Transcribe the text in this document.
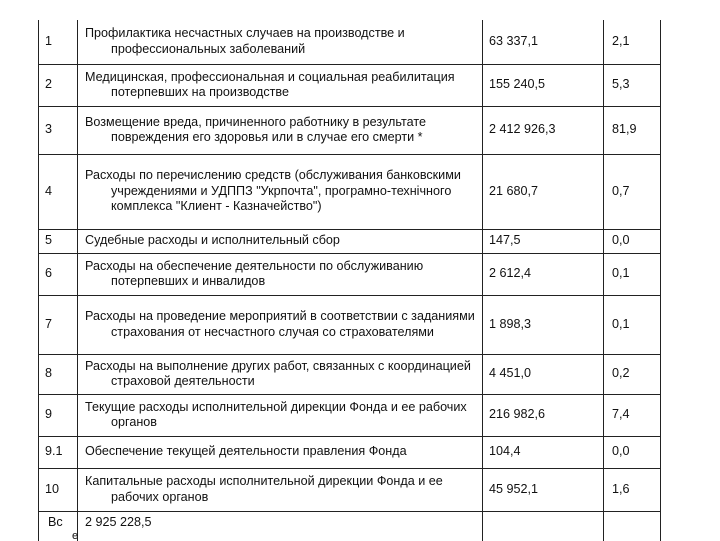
1	Профилактика несчастных случаев на производстве и профессиональных заболеваний	63 337,1	2,1
2	Медицинская, профессиональная и социальная реабилитация потерпевших на производстве	155 240,5	5,3
3	Возмещение вреда, причиненного работнику в результате повреждения его здоровья или в случае его смерти *	2 412 926,3	81,9
4	Расходы по перечислению средств (обслуживания банковскими учреждениями и УДППЗ "Укрпочта", програмно-технічного комплекса "Клиент - Казначейство")	21 680,7	0,7
5	Судебные расходы и исполнительный сбор	147,5	0,0
6	Расходы на обеспечение деятельности по обслуживанию потерпевших и инвалидов	2 612,4	0,1
7	Расходы на проведение мероприятий в соответствии с заданиями страхования от несчастного случая со страхователями	1 898,3	0,1
8	Расходы на выполнение других работ, связанных с координацией страховой деятельности	4 451,0	0,2
9	Текущие расходы исполнительной дирекции Фонда и ее рабочих органов	216 982,6	7,4
9.1	Обеспечение текущей деятельности правления Фонда	104,4	0,0
10	Капитальные расходы исполнительной дирекции Фонда и ее рабочих органов	45 952,1	1,6
Вс	2 925 228,5		
е
